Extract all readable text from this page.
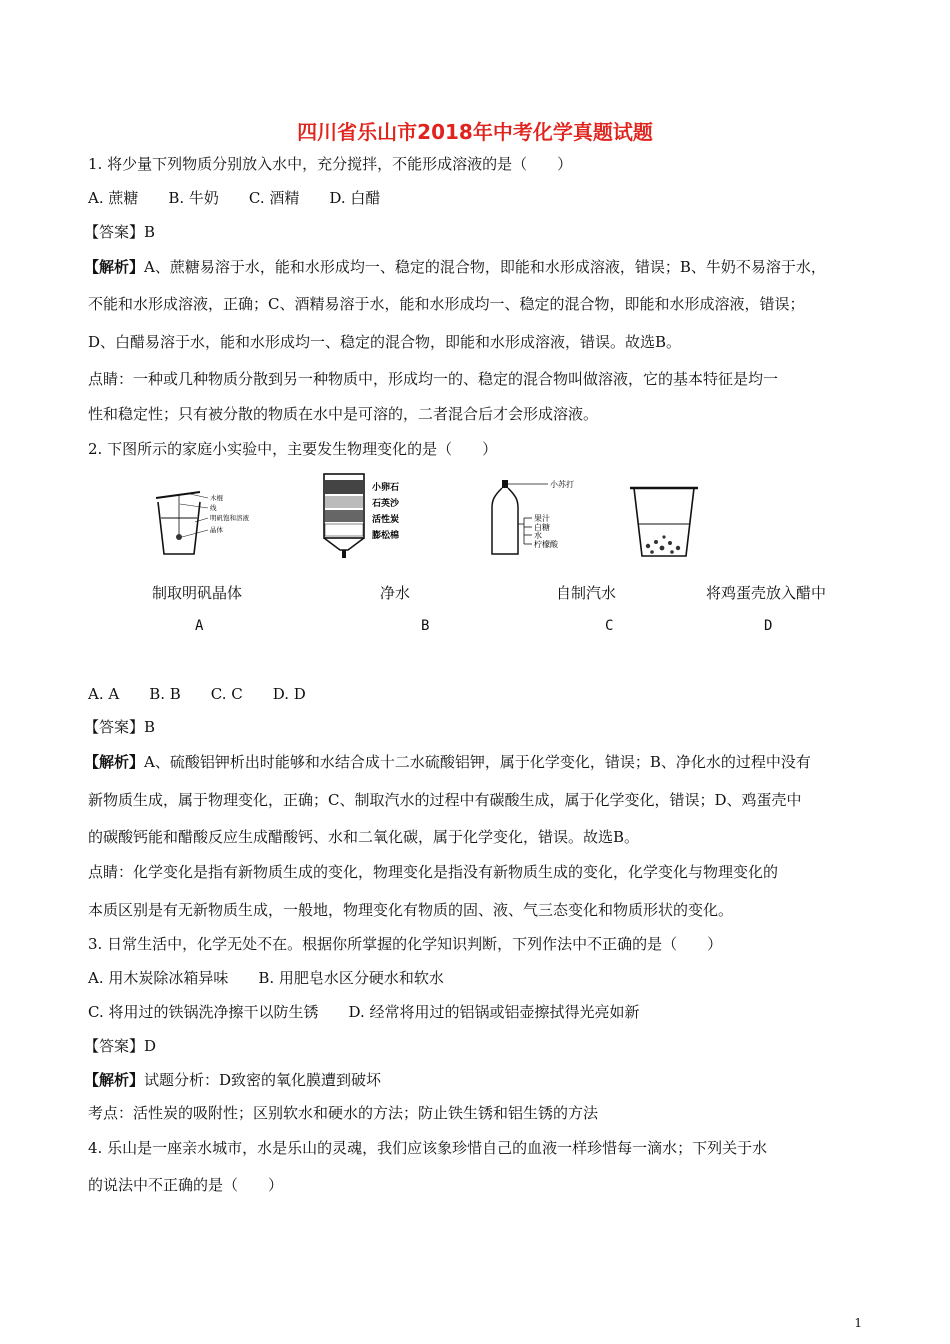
四川省乐山市2018年中考化学真题试题
1. 将少量下列物质分别放入水中，充分搅拌，不能形成溶液的是（　　）
A. 蔗糖　　B. 牛奶　　C. 酒精　　D. 白醋
【答案】B
【解析】A、蔗糖易溶于水，能和水形成均一、稳定的混合物，即能和水形成溶液，错误；B、牛奶不易溶于水，
不能和水形成溶液，正确；C、酒精易溶于水，能和水形成均一、稳定的混合物，即能和水形成溶液，错误；
D、白醋易溶于水，能和水形成均一、稳定的混合物，即能和水形成溶液，错误。故选B。
点睛：一种或几种物质分散到另一种物质中，形成均一的、稳定的混合物叫做溶液，它的基本特征是均一
性和稳定性；只有被分散的物质在水中是可溶的，二者混合后才会形成溶液。
2. 下图所示的家庭小实验中，主要发生物理变化的是（　　）
木棍
线
明矾饱和溶液
晶体
小卵石
石英沙
活性炭
膨松棉
小苏打
果汁
白糖
水
柠檬酸
制取明矾晶体	净水	自制汽水	将鸡蛋壳放入醋中
A	B	C	D
A. A　　B. B　　C. C　　D. D
【答案】B
【解析】A、硫酸铝钾析出时能够和水结合成十二水硫酸铝钾，属于化学变化，错误；B、净化水的过程中没有
新物质生成，属于物理变化，正确；C、制取汽水的过程中有碳酸生成，属于化学变化，错误；D、鸡蛋壳中
的碳酸钙能和醋酸反应生成醋酸钙、水和二氧化碳，属于化学变化，错误。故选B。
点睛：化学变化是指有新物质生成的变化，物理变化是指没有新物质生成的变化，化学变化与物理变化的
本质区别是有无新物质生成，一般地，物理变化有物质的固、液、气三态变化和物质形状的变化。
3. 日常生活中，化学无处不在。根据你所掌握的化学知识判断，下列作法中不正确的是（　　）
A. 用木炭除冰箱异味　　B. 用肥皂水区分硬水和软水
C. 将用过的铁锅洗净擦干以防生锈　　D. 经常将用过的铝锅或铝壶擦拭得光亮如新
【答案】D
【解析】试题分析：D致密的氧化膜遭到破坏
考点：活性炭的吸附性；区别软水和硬水的方法；防止铁生锈和铝生锈的方法
4. 乐山是一座亲水城市，水是乐山的灵魂，我们应该象珍惜自己的血液一样珍惜每一滴水；下列关于水
的说法中不正确的是（　　）
1
